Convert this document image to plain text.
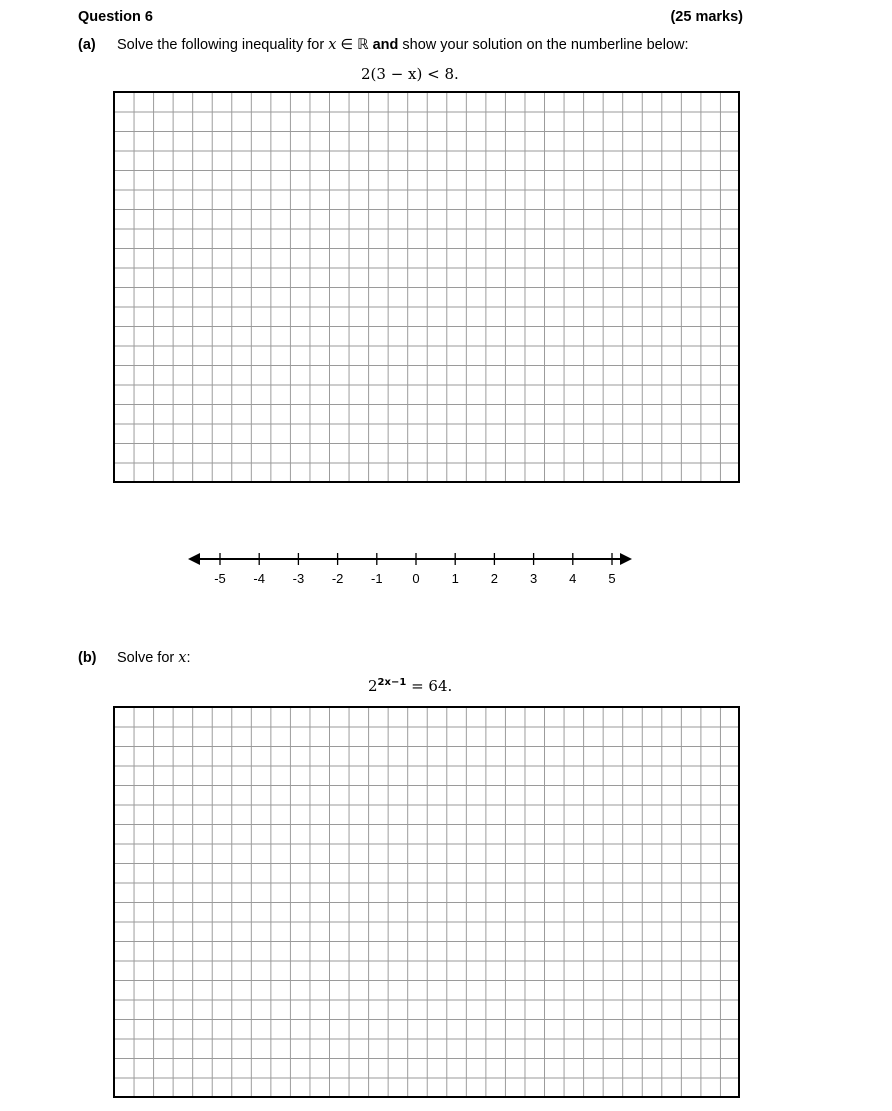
Question 6	(25 marks)
(a) Solve the following inequality for x ∈ ℝ and show your solution on the numberline below:
2(3 − x) < 8.
-5 -4 -3 -2 -1 0 1 2 3 4 5
(b) Solve for x:
$2^{2x-1} = 64$.
